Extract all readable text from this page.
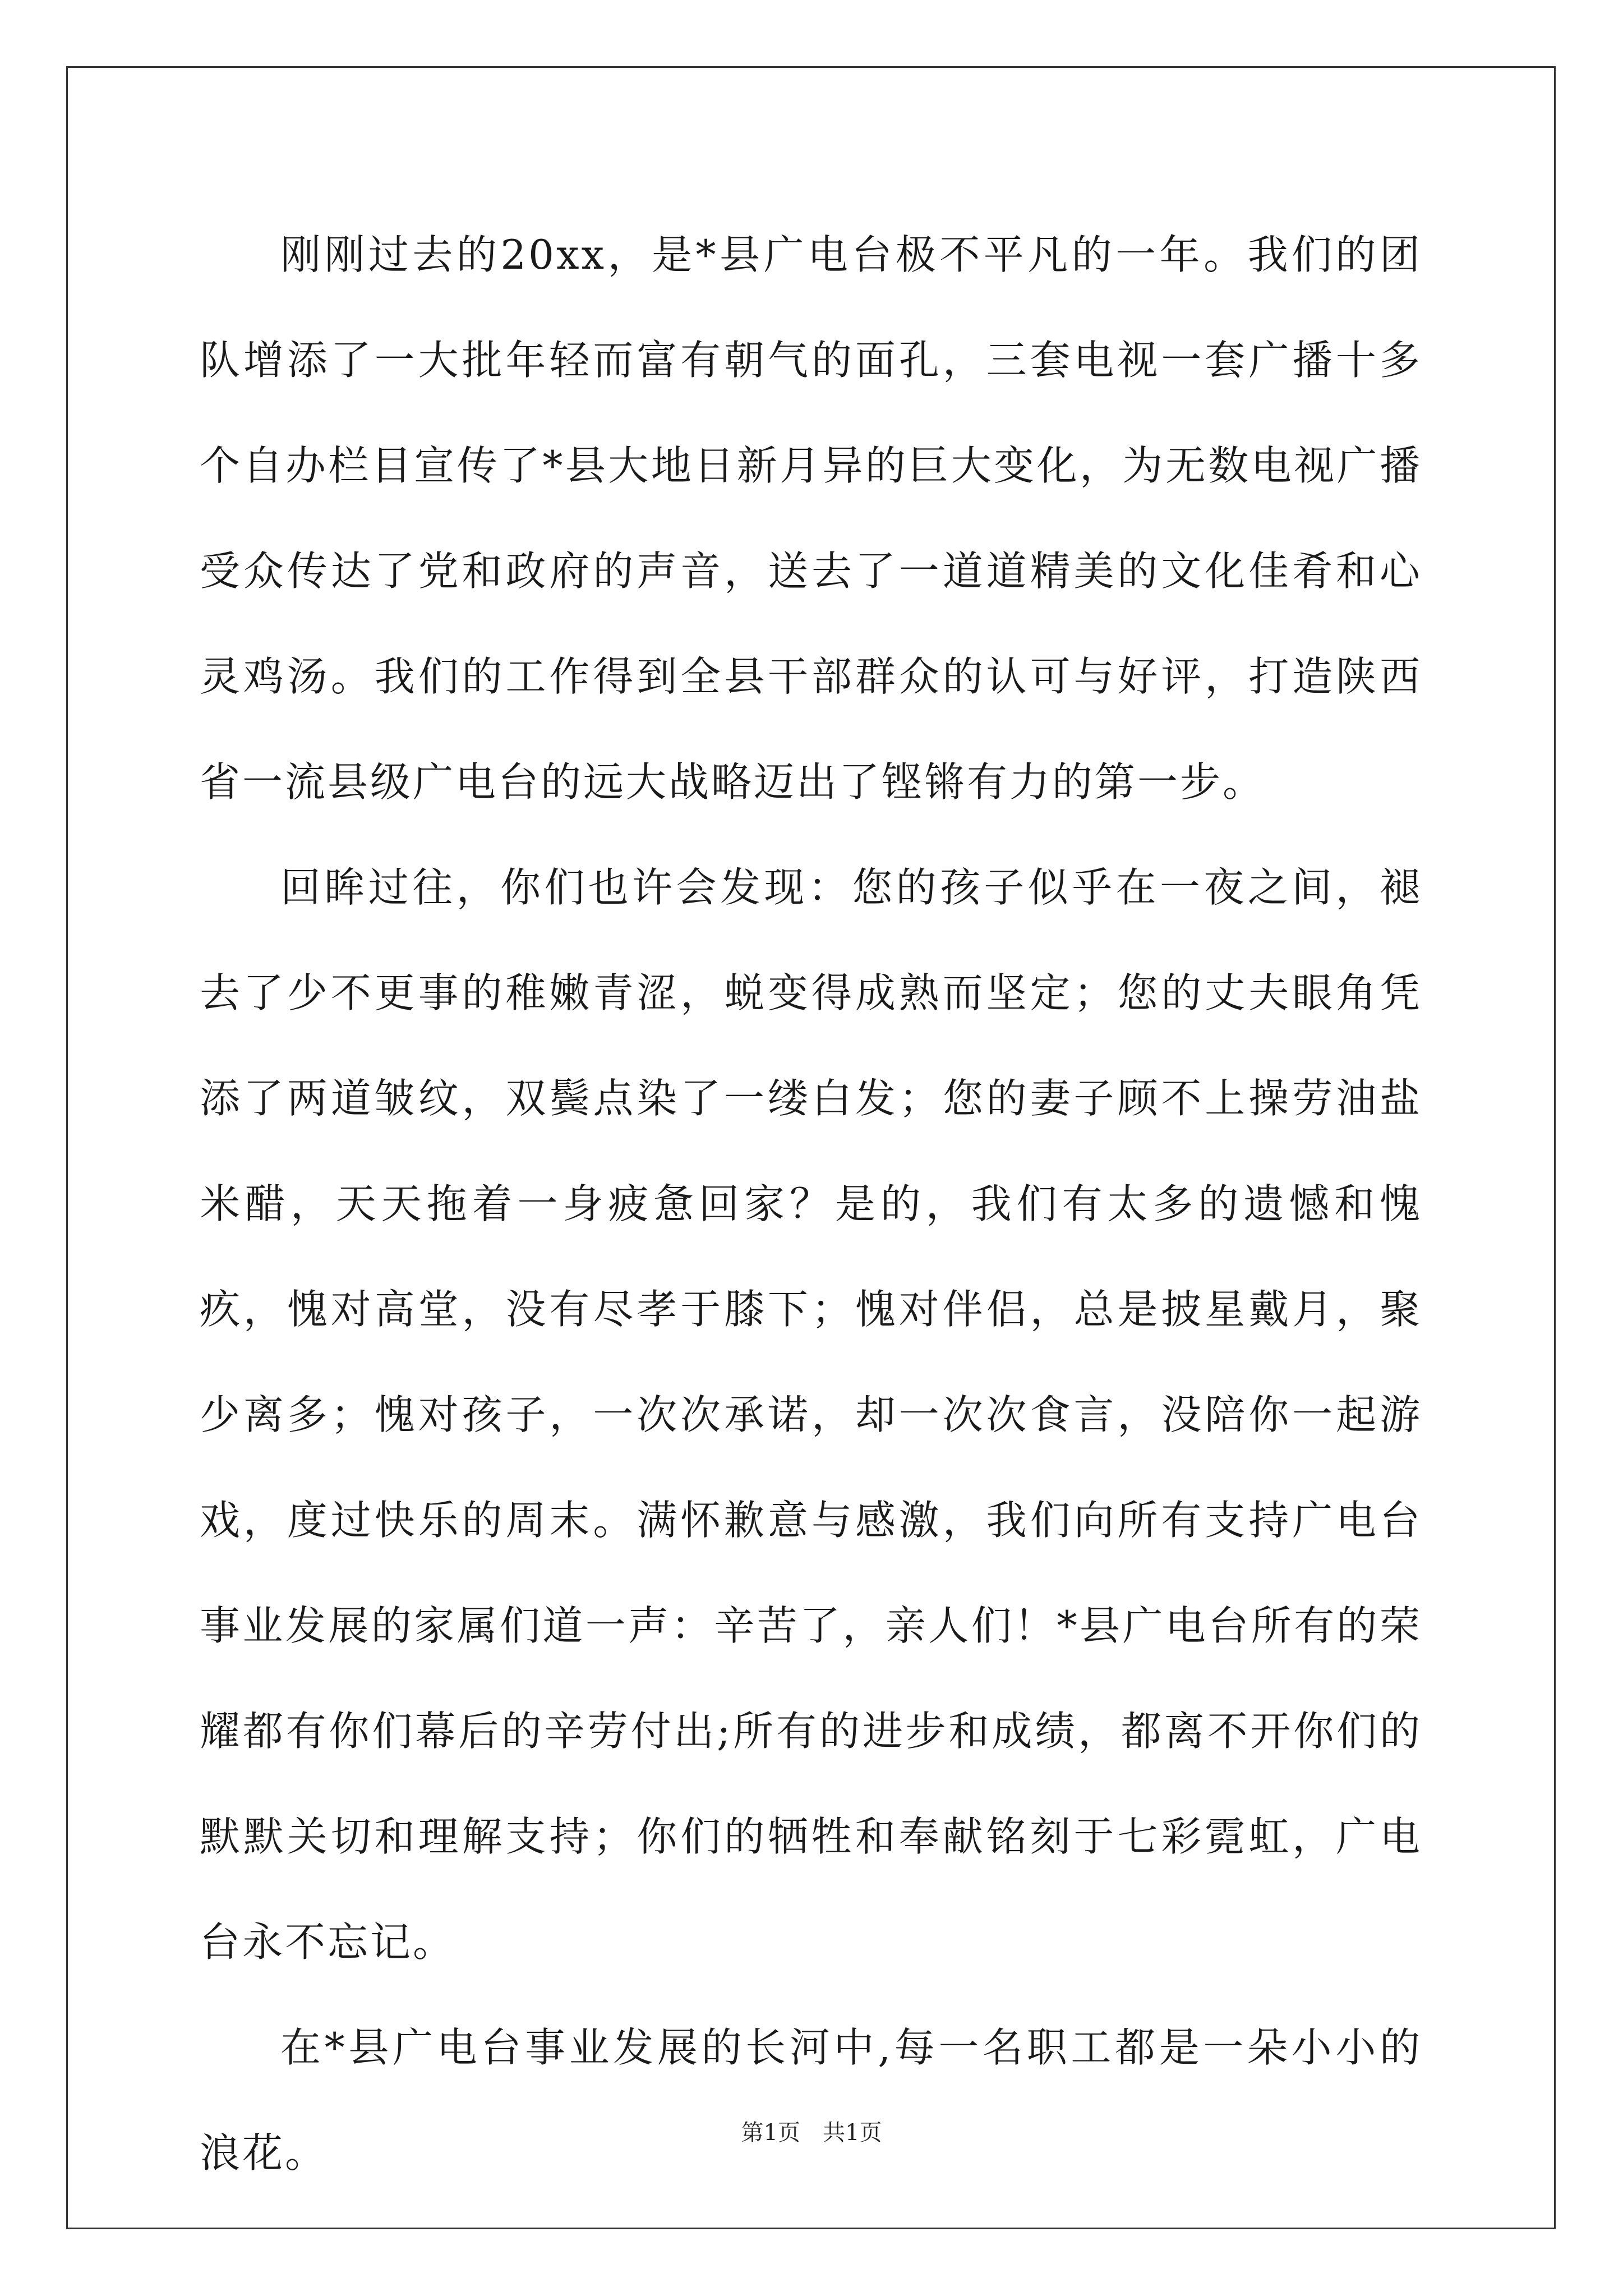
刚刚过去的20xx，是*县广电台极不平凡的一年。我们的团队增添了一大批年轻而富有朝气的面孔，三套电视一套广播十多个自办栏目宣传了*县大地日新月异的巨大变化，为无数电视广播受众传达了党和政府的声音，送去了一道道精美的文化佳肴和心灵鸡汤。我们的工作得到全县干部群众的认可与好评，打造陕西省一流县级广电台的远大战略迈出了铿锵有力的第一步。

回眸过往，你们也许会发现：您的孩子似乎在一夜之间，褪去了少不更事的稚嫩青涩，蜕变得成熟而坚定；您的丈夫眼角凭添了两道皱纹，双鬓点染了一缕白发；您的妻子顾不上操劳油盐米醋，天天拖着一身疲惫回家？是的，我们有太多的遗憾和愧疚，愧对高堂，没有尽孝于膝下；愧对伴侣，总是披星戴月，聚少离多；愧对孩子，一次次承诺，却一次次食言，没陪你一起游戏，度过快乐的周末。满怀歉意与感激，我们向所有支持广电台事业发展的家属们道一声：辛苦了，亲人们！*县广电台所有的荣耀都有你们幕后的辛劳付出;所有的进步和成绩，都离不开你们的默默关切和理解支持；你们的牺牲和奉献铭刻于七彩霓虹，广电台永不忘记。

在*县广电台事业发展的长河中,每一名职工都是一朵小小的浪花。	第1页 共1页
